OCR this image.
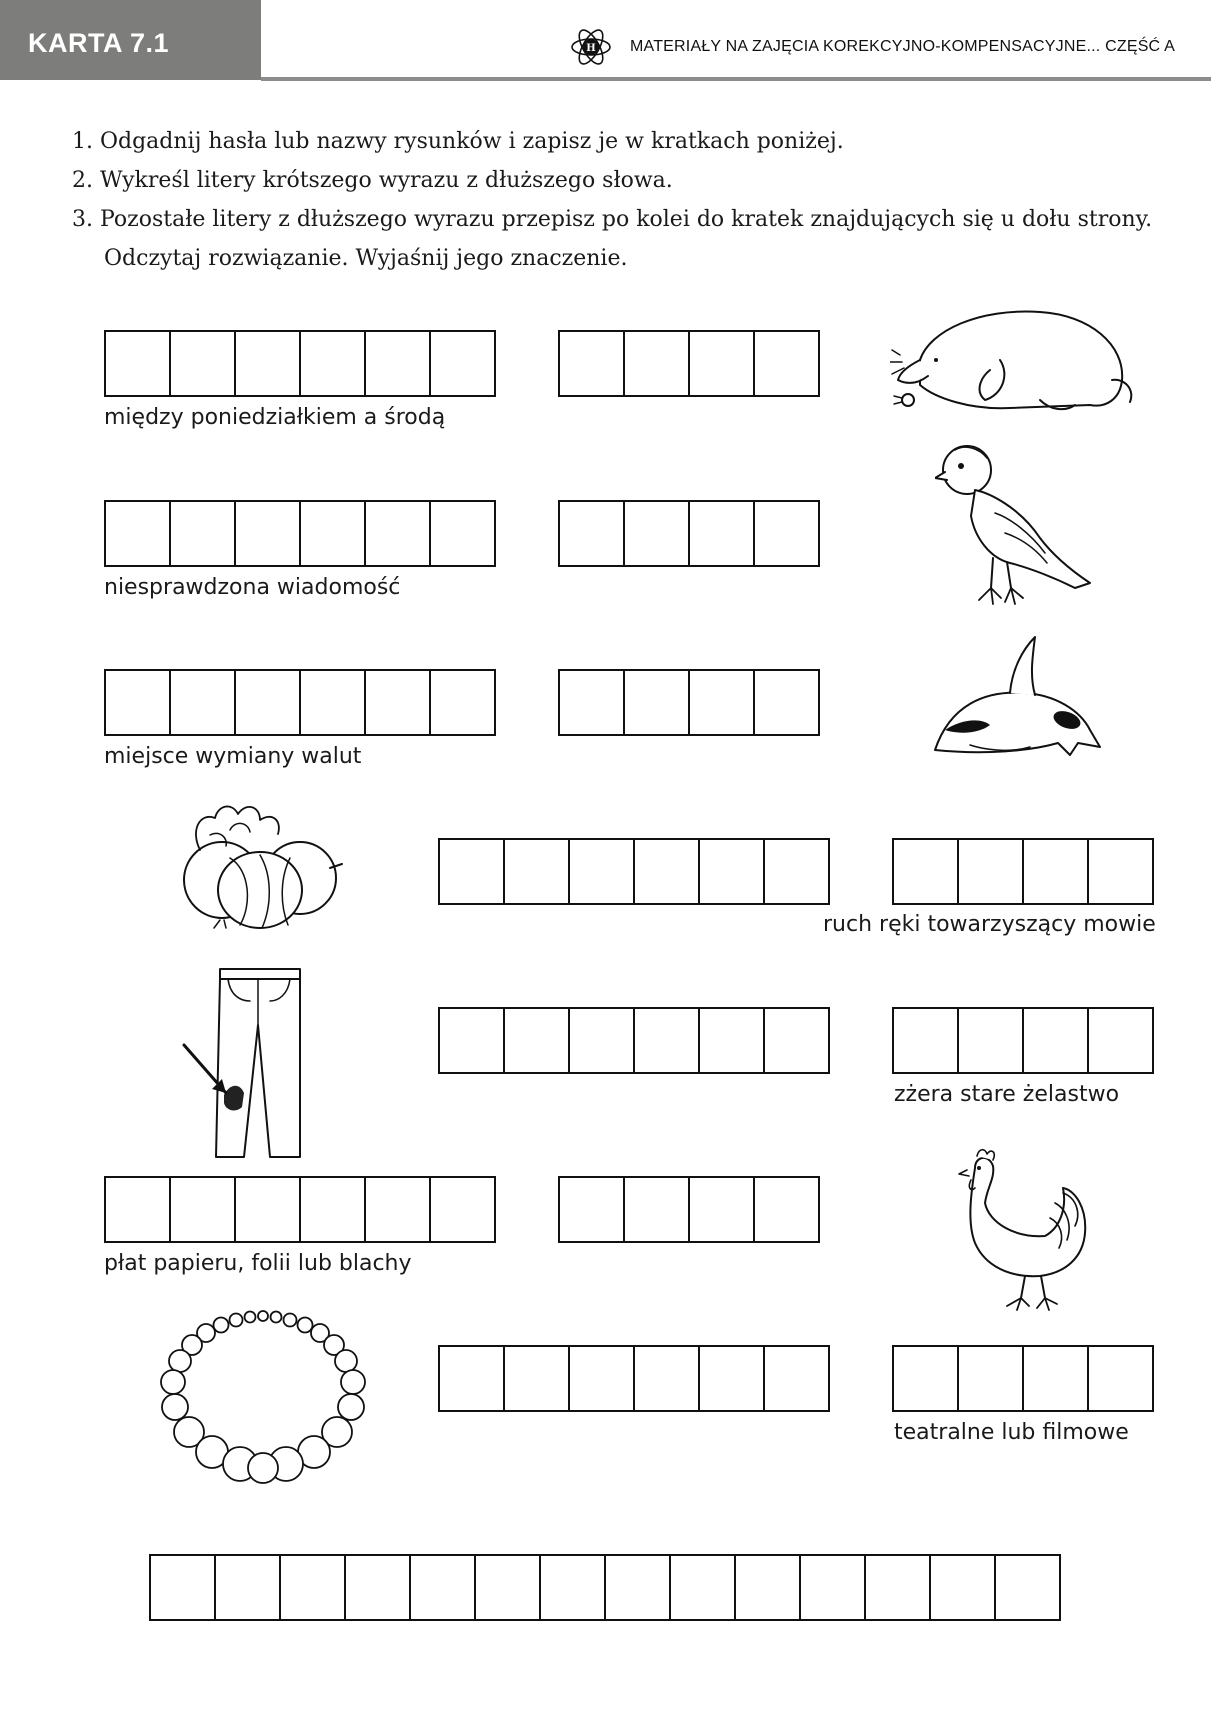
KARTA 7.1	H MATERIAŁY NA ZAJĘCIA KOREKCYJNO-KOMPENSACYJNE... CZĘŚĆ A
1. Odgadnij hasła lub nazwy rysunków i zapisz je w kratkach poniżej.
2. Wykreśl litery krótszego wyrazu z dłuższego słowa.
3. Pozostałe litery z dłuższego wyrazu przepisz po kolei do kratek znajdujących się u dołu strony. Odczytaj rozwiązanie. Wyjaśnij jego znaczenie.
między poniedziałkiem a środą
niesprawdzona wiadomość
miejsce wymiany walut
ruch ręki towarzyszący mowie
zżera stare żelastwo
płat papieru, folii lub blachy
teatralne lub filmowe
